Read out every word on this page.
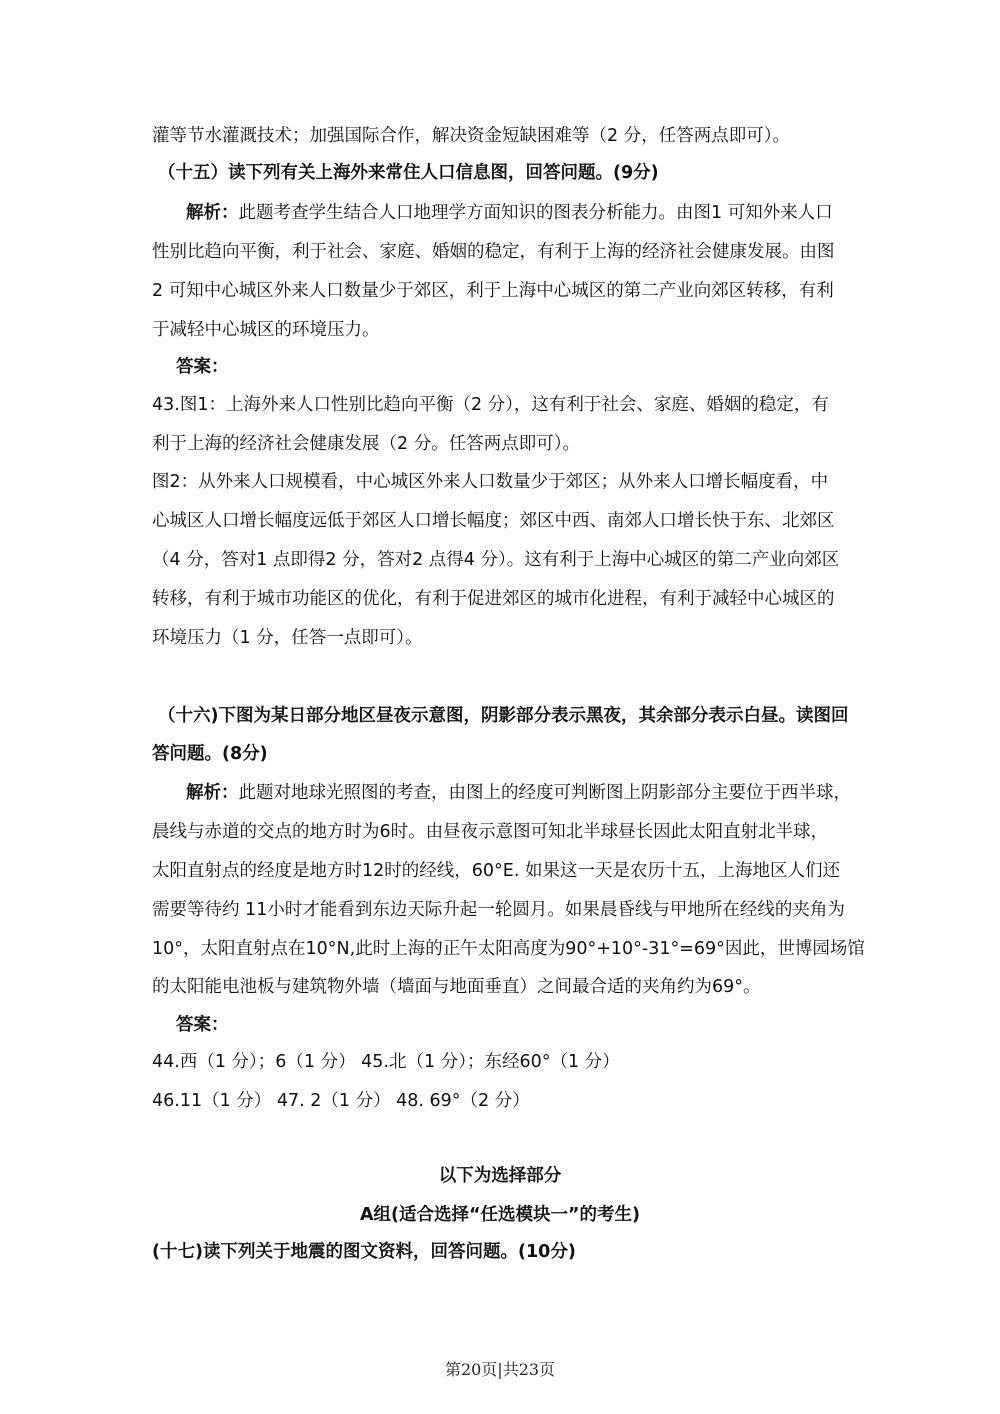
灌等节水灌溉技术；加强国际合作，解决资金短缺困难等（2 分，任答两点即可）。
（十五）读下列有关上海外来常住人口信息图，回答问题。(9分)
解析：此题考查学生结合人口地理学方面知识的图表分析能力。由图1 可知外来人口
性别比趋向平衡，利于社会、家庭、婚姻的稳定，有利于上海的经济社会健康发展。由图
2 可知中心城区外来人口数量少于郊区，利于上海中心城区的第二产业向郊区转移，有利
于减轻中心城区的环境压力。
答案：
43.图1：上海外来人口性别比趋向平衡（2 分），这有利于社会、家庭、婚姻的稳定，有
利于上海的经济社会健康发展（2 分。任答两点即可）。
图2：从外来人口规模看，中心城区外来人口数量少于郊区；从外来人口增长幅度看，中
心城区人口增长幅度远低于郊区人口增长幅度；郊区中西、南郊人口增长快于东、北郊区
（4 分，答对1 点即得2 分，答对2 点得4 分）。这有利于上海中心城区的第二产业向郊区
转移，有利于城市功能区的优化，有利于促进郊区的城市化进程，有利于减轻中心城区的
环境压力（1 分，任答一点即可）。
（十六)下图为某日部分地区昼夜示意图，阴影部分表示黑夜，其余部分表示白昼。读图回
答问题。(8分)
解析：此题对地球光照图的考查，由图上的经度可判断图上阴影部分主要位于西半球，
晨线与赤道的交点的地方时为6时。由昼夜示意图可知北半球昼长因此太阳直射北半球，
太阳直射点的经度是地方时12时的经线，60°E. 如果这一天是农历十五，上海地区人们还
需要等待约 11小时才能看到东边天际升起一轮圆月。如果晨昏线与甲地所在经线的夹角为
10°，太阳直射点在10°N,此时上海的正午太阳高度为90°+10°-31°=69°因此，世博园场馆
的太阳能电池板与建筑物外墙（墙面与地面垂直）之间最合适的夹角约为69°。
答案：
44.西（1 分）；6（1 分） 45.北（1 分）；东经60°（1 分）
46.11（1 分） 47. 2（1 分） 48. 69°（2 分）
以下为选择部分
A组(适合选择“任选模块一”的考生)
(十七)读下列关于地震的图文资料，回答问题。(10分)
第20页|共23页
